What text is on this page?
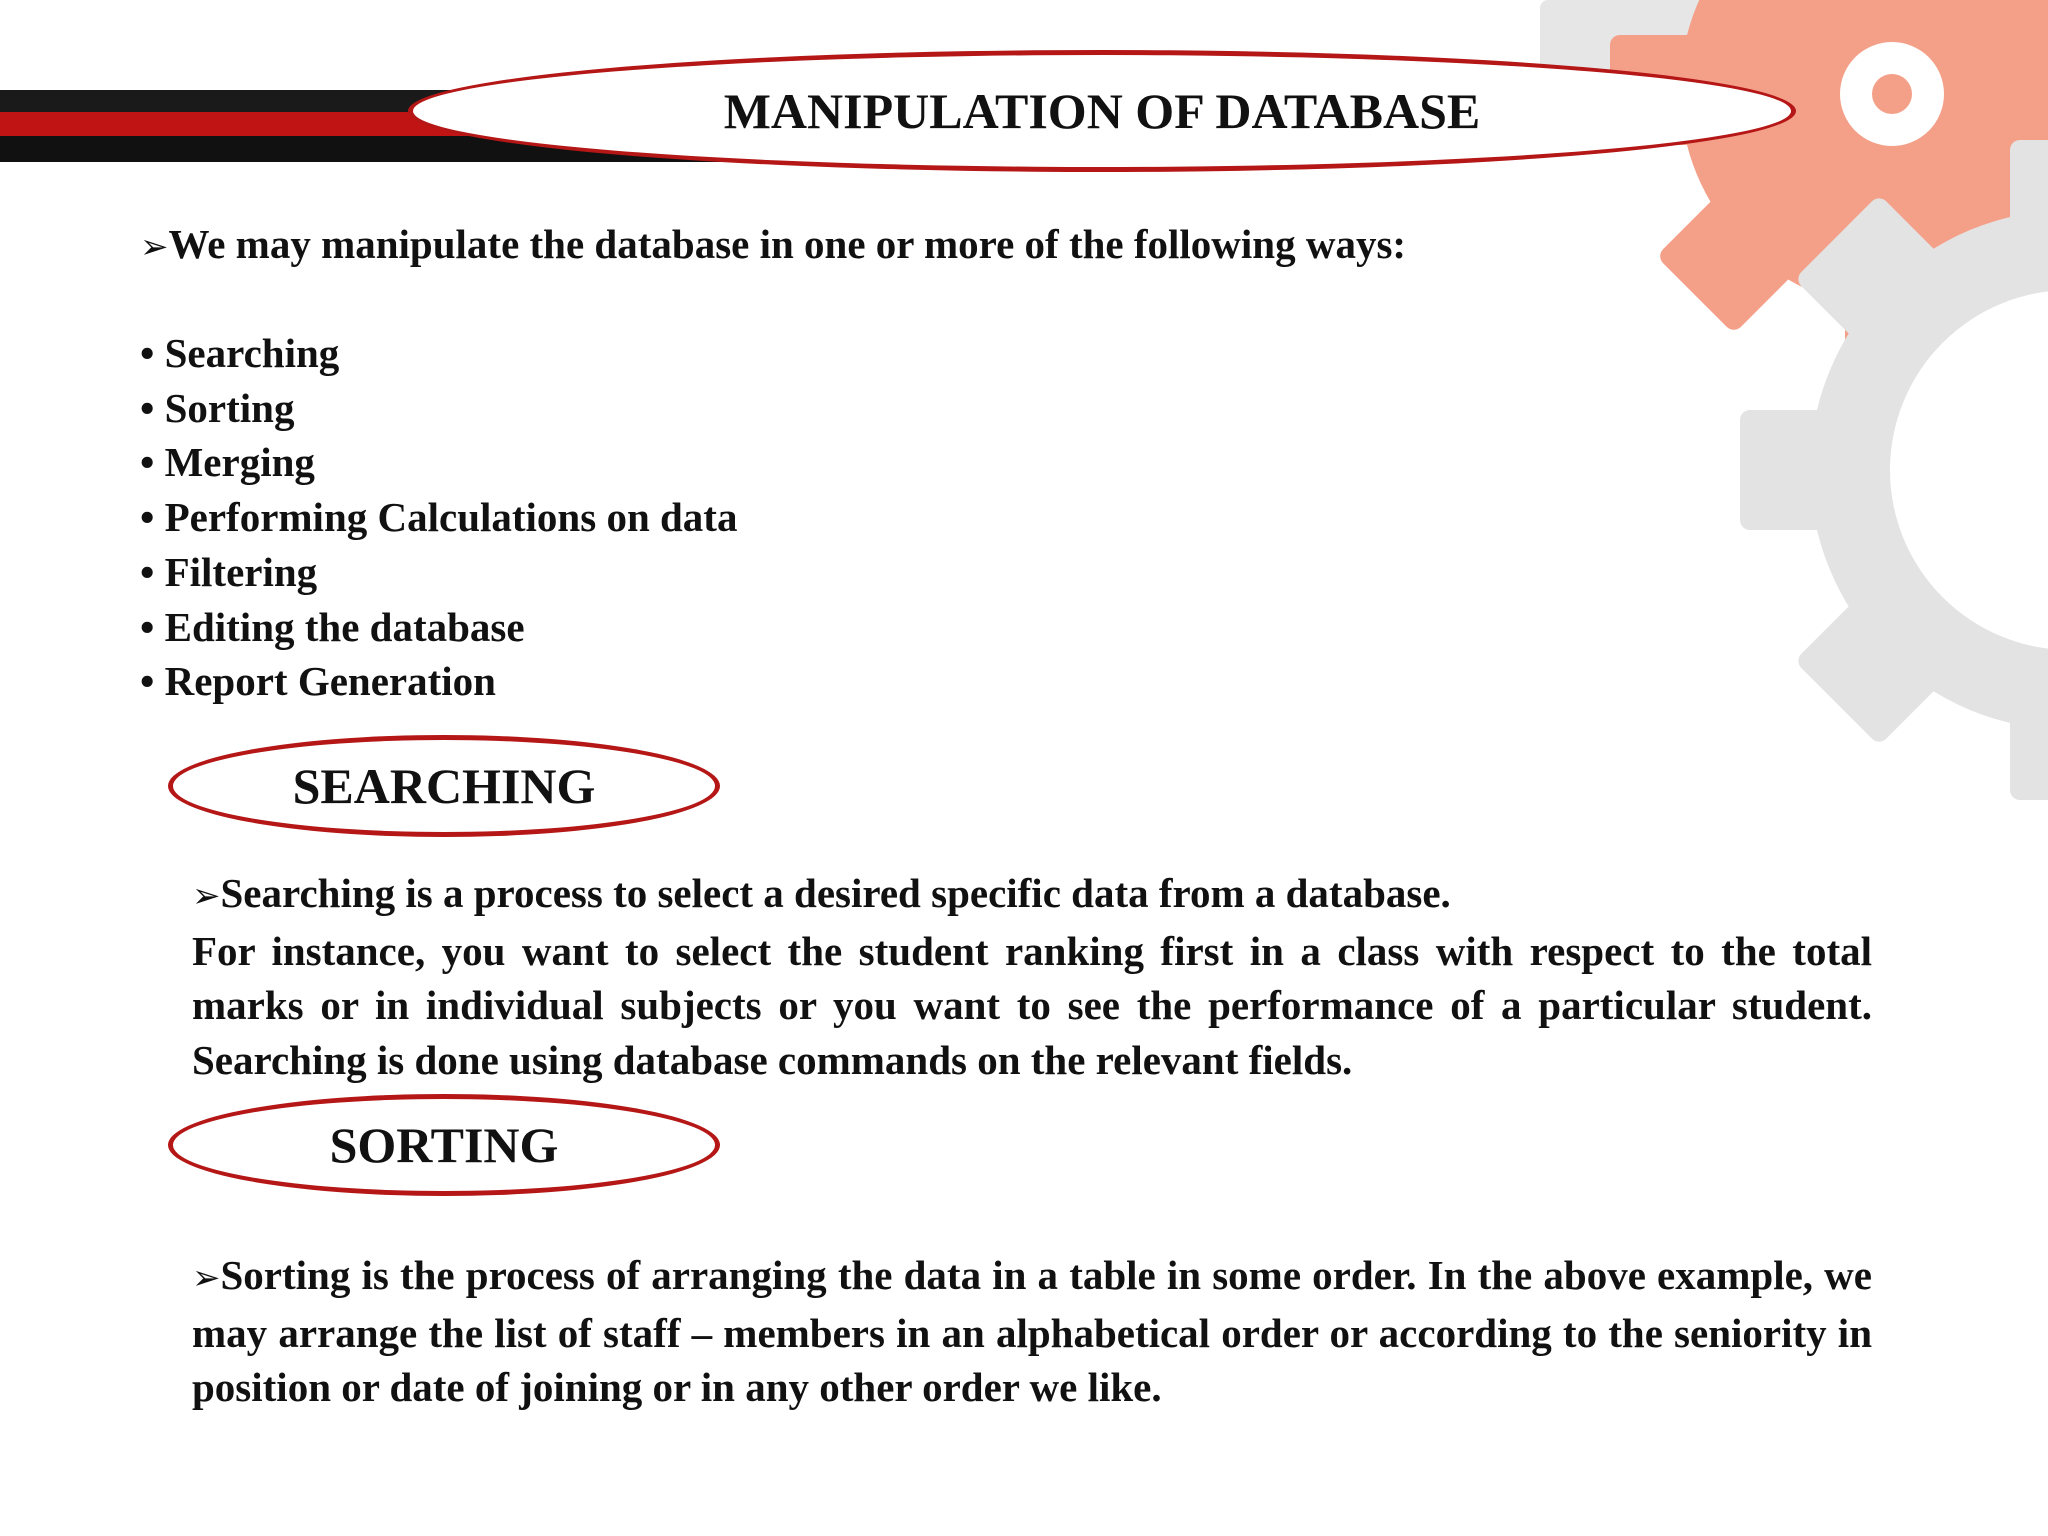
MANIPULATION OF DATABASE
➢We may manipulate the database in one or more of the following ways:
• Searching
• Sorting
• Merging
• Performing Calculations on data
• Filtering
• Editing the database
• Report Generation
SEARCHING

➢Searching is a process to select a desired specific data from a database.
For instance, you want to select the student ranking first in a class with respect to the total marks or in individual subjects or you want to see the performance of a particular student. Searching is done using database commands on the relevant fields.

SORTING

➢Sorting is the process of arranging the data in a table in some order. In the above example, we may arrange the list of staff – members in an alphabetical order or according to the seniority in position or date of joining or in any other order we like.
